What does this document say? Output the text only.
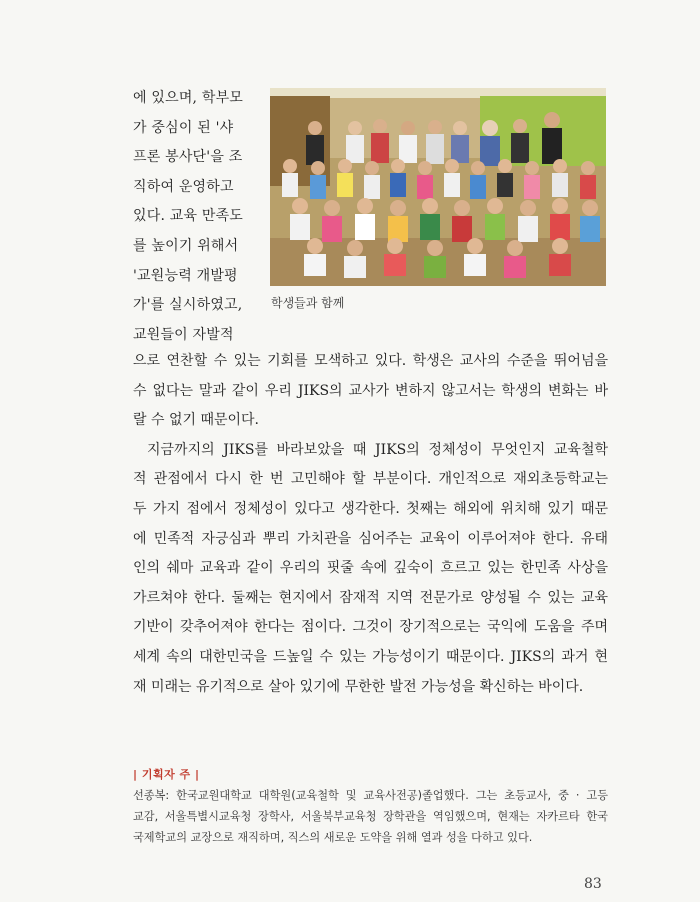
에 있으며, 학부모
가 중심이 된 '샤
프론 봉사단'을 조
직하여 운영하고
있다. 교육 만족도
를 높이기 위해서
'교원능력 개발평
가'를 실시하였고,
교원들이 자발적
학생들과 함께
으로 연찬할 수 있는 기회를 모색하고 있다. 학생은 교사의 수준을 뛰어넘을
수 없다는 말과 같이 우리 JIKS의 교사가 변하지 않고서는 학생의 변화는 바
랄 수 없기 때문이다.
지금까지의 JIKS를 바라보았을 때 JIKS의 정체성이 무엇인지 교육철학
적 관점에서 다시 한 번 고민해야 할 부분이다. 개인적으로 재외초등학교는
두 가지 점에서 정체성이 있다고 생각한다. 첫째는 해외에 위치해 있기 때문
에 민족적 자긍심과 뿌리 가치관을 심어주는 교육이 이루어져야 한다. 유태
인의 쉐마 교육과 같이 우리의 핏줄 속에 깊숙이 흐르고 있는 한민족 사상을
가르쳐야 한다. 둘째는 현지에서 잠재적 지역 전문가로 양성될 수 있는 교육
기반이 갖추어져야 한다는 점이다. 그것이 장기적으로는 국익에 도움을 주며
세계 속의 대한민국을 드높일 수 있는 가능성이기 때문이다. JIKS의 과거 현
재 미래는 유기적으로 살아 있기에 무한한 발전 가능성을 확신하는 바이다.
| 기획자 주 |
선종복: 한국교원대학교 대학원(교육철학 및 교육사전공)졸업했다. 그는 초등교사, 중 · 고등
교감, 서울특별시교육청 장학사, 서울북부교육청 장학관을 역임했으며, 현재는 자카르타 한국
국제학교의 교장으로 재직하며, 직스의 새로운 도약을 위해 열과 성을 다하고 있다.
83
